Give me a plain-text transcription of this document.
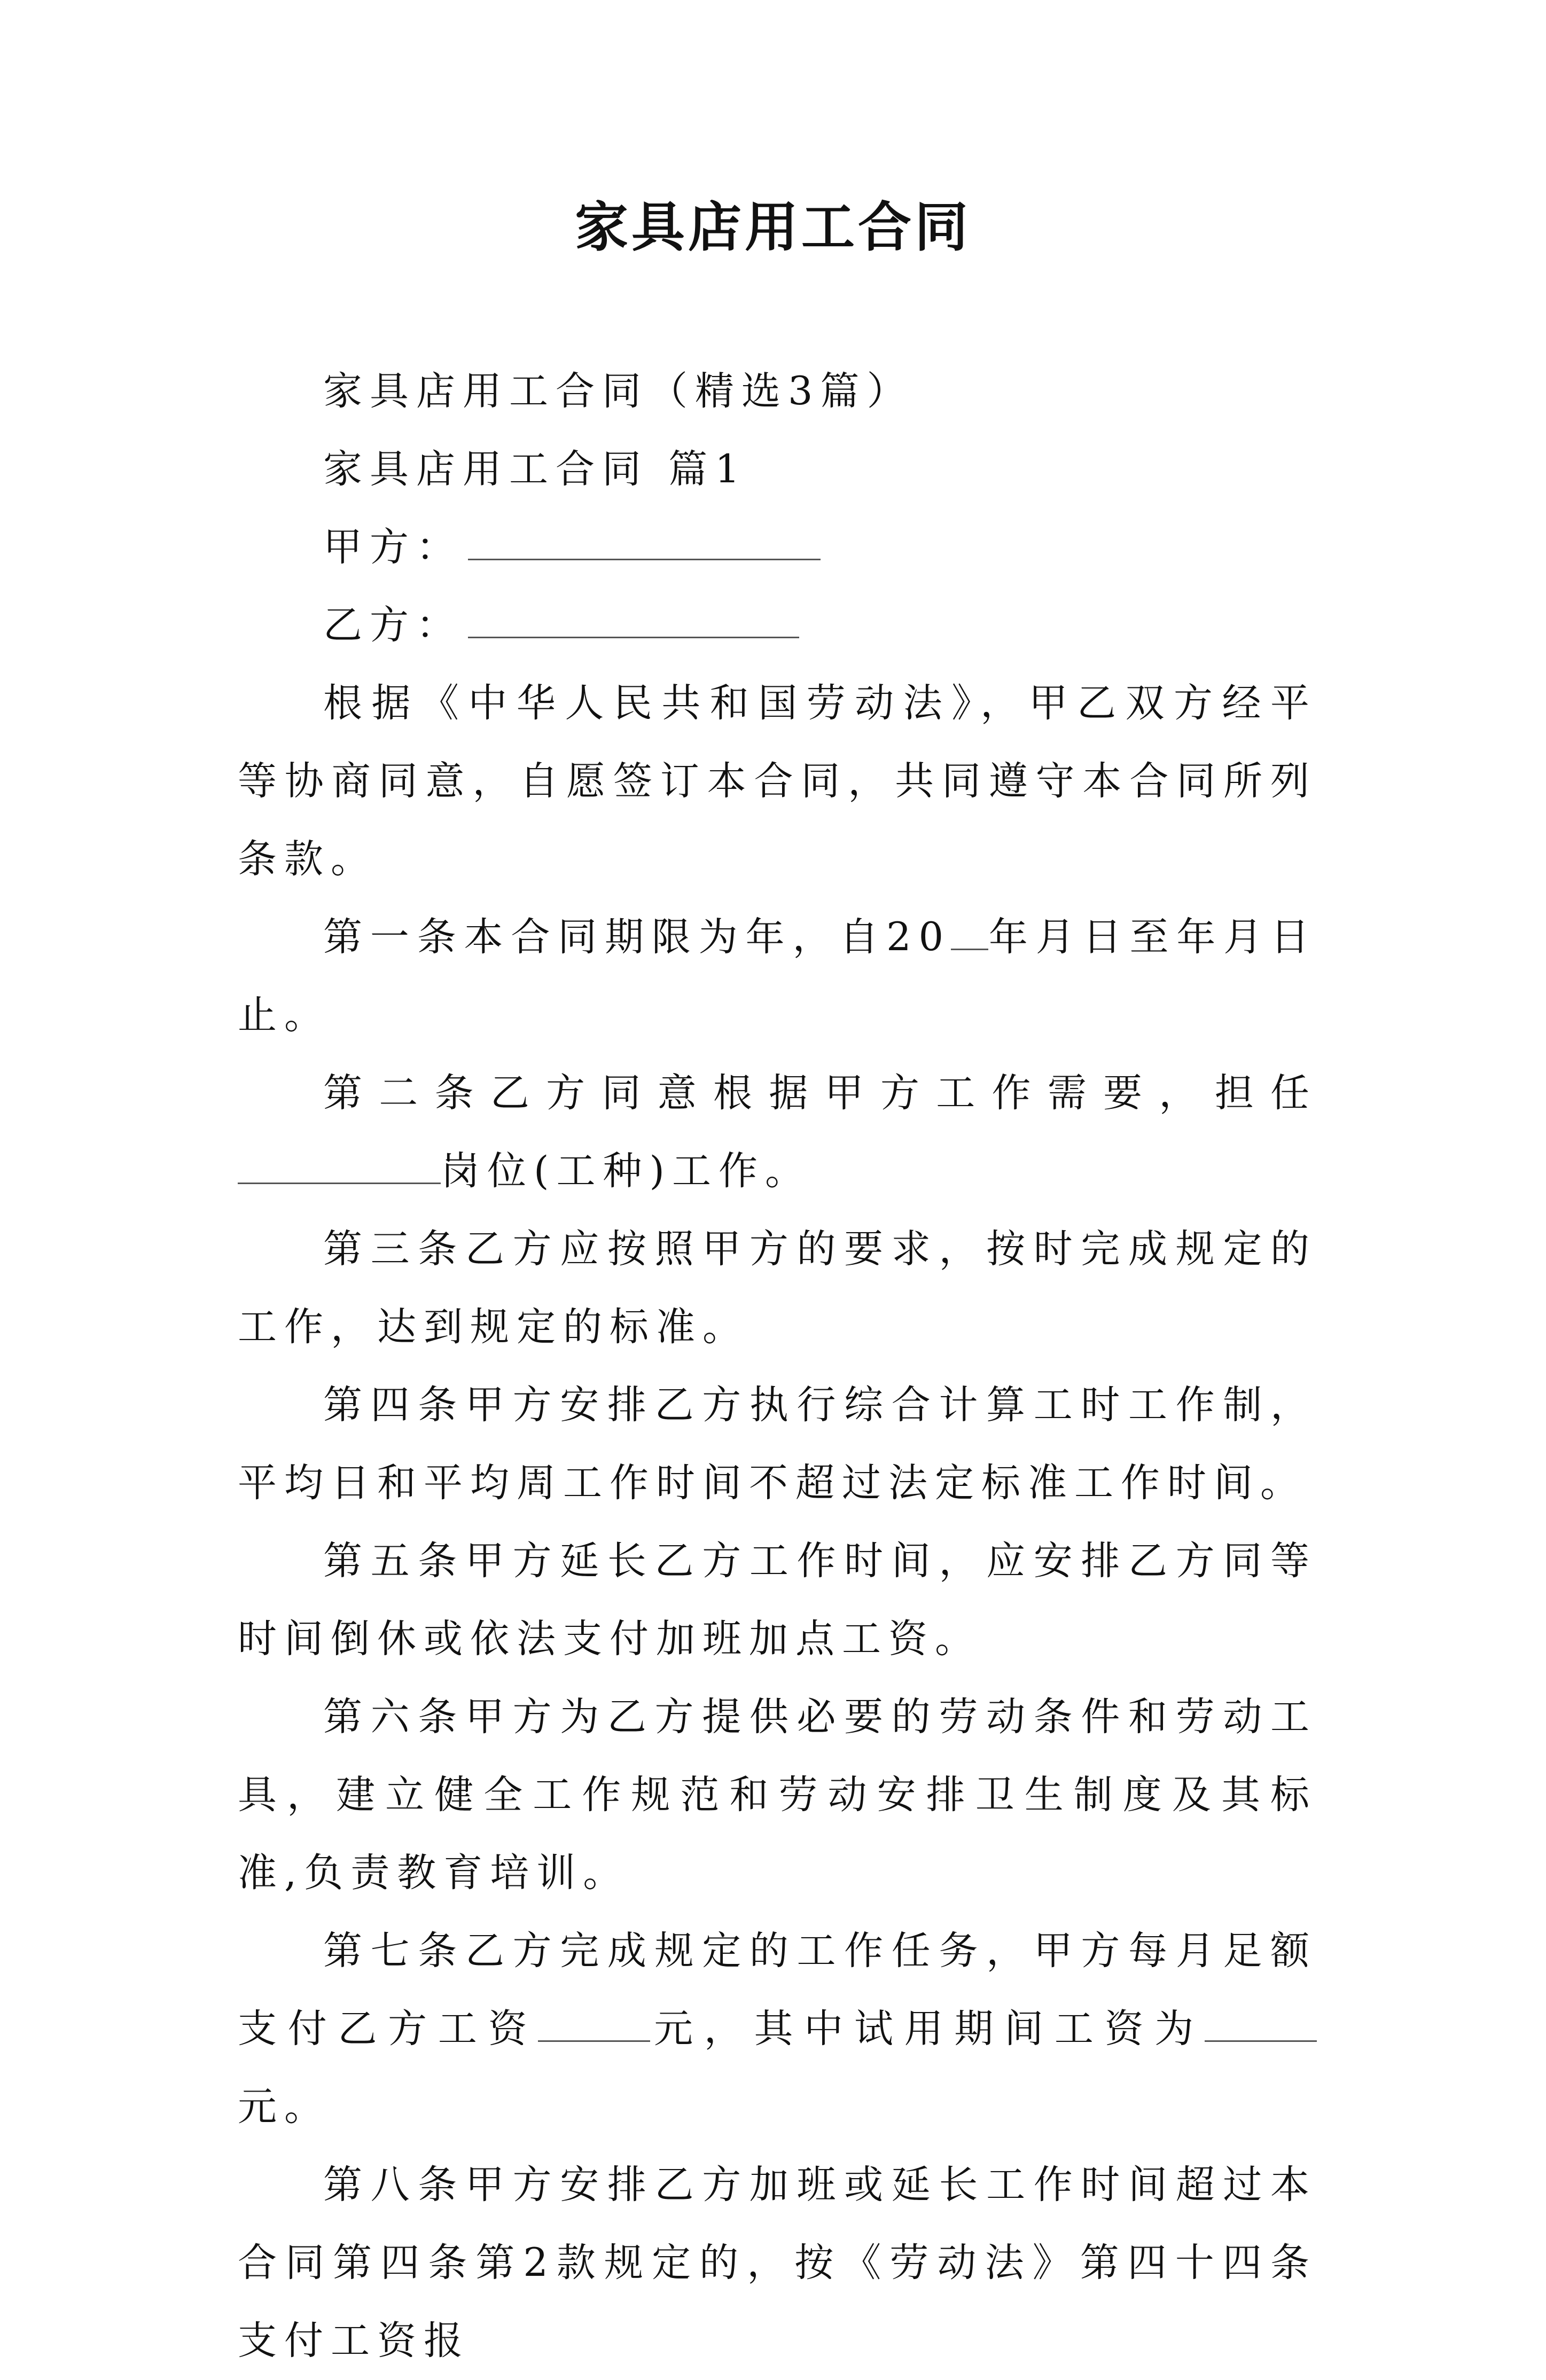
家具店用工合同

家具店用工合同（精选3篇）

家具店用工合同 篇1

甲方：

乙方：

根据《中华人民共和国劳动法》，甲乙双方经平等协商同意，自愿签订本合同，共同遵守本合同所列条款。

第一条本合同期限为年，自20 年月日至年月日止。

第二条乙方同意根据甲方工作需要，担任岗位(工种)工作。

第三条乙方应按照甲方的要求，按时完成规定的工作，达到规定的标准。

第四条甲方安排乙方执行综合计算工时工作制，平均日和平均周工作时间不超过法定标准工作时间。

第五条甲方延长乙方工作时间，应安排乙方同等时间倒休或依法支付加班加点工资。

第六条甲方为乙方提供必要的劳动条件和劳动工具，建立健全工作规范和劳动安排卫生制度及其标准,负责教育培训。

第七条乙方完成规定的工作任务，甲方每月足额支付乙方工资	元，其中试用期间工资为元。

第八条甲方安排乙方加班或延长工作时间超过本合同第四条第2款规定的，按《劳动法》第四十四条支付工资报
